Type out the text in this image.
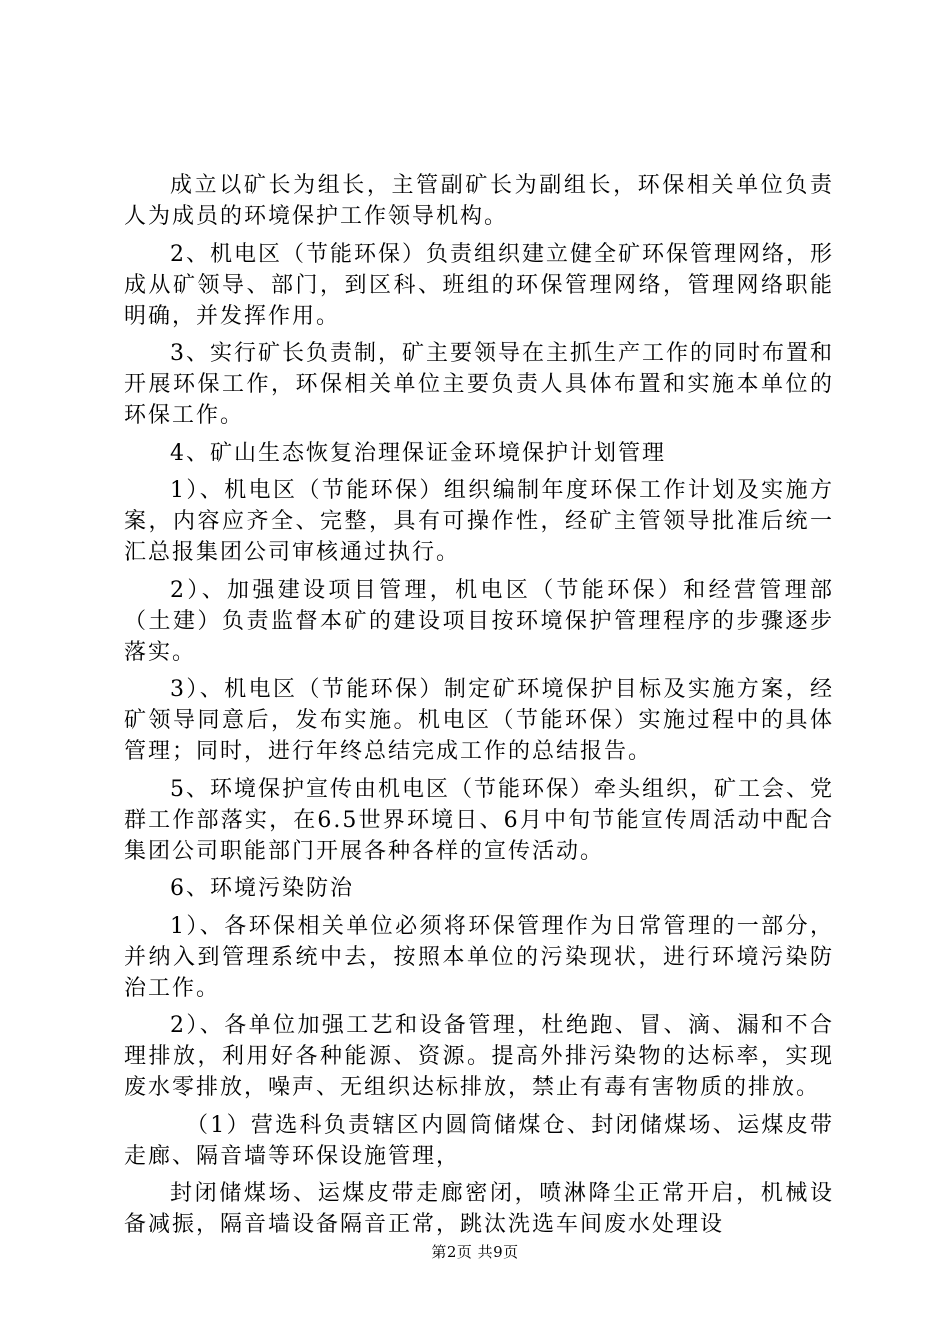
成立以矿长为组长，主管副矿长为副组长，环保相关单位负责人为成员的环境保护工作领导机构。

2、机电区（节能环保）负责组织建立健全矿环保管理网络，形成从矿领导、部门，到区科、班组的环保管理网络，管理网络职能明确，并发挥作用。

3、实行矿长负责制，矿主要领导在主抓生产工作的同时布置和开展环保工作，环保相关单位主要负责人具体布置和实施本单位的环保工作。

4、矿山生态恢复治理保证金环境保护计划管理

1）、机电区（节能环保）组织编制年度环保工作计划及实施方案，内容应齐全、完整，具有可操作性，经矿主管领导批准后统一汇总报集团公司审核通过执行。

2）、加强建设项目管理，机电区（节能环保）和经营管理部（土建）负责监督本矿的建设项目按环境保护管理程序的步骤逐步落实。

3）、机电区（节能环保）制定矿环境保护目标及实施方案，经矿领导同意后，发布实施。机电区（节能环保）实施过程中的具体管理；同时，进行年终总结完成工作的总结报告。

5、环境保护宣传由机电区（节能环保）牵头组织，矿工会、党群工作部落实，在6.5世界环境日、6月中旬节能宣传周活动中配合集团公司职能部门开展各种各样的宣传活动。

6、环境污染防治

1）、各环保相关单位必须将环保管理作为日常管理的一部分，并纳入到管理系统中去，按照本单位的污染现状，进行环境污染防治工作。

2）、各单位加强工艺和设备管理，杜绝跑、冒、滴、漏和不合理排放，利用好各种能源、资源。提高外排污染物的达标率，实现废水零排放，噪声、无组织达标排放，禁止有毒有害物质的排放。

（1）营选科负责辖区内圆筒储煤仓、封闭储煤场、运煤皮带走廊、隔音墙等环保设施管理，

封闭储煤场、运煤皮带走廊密闭，喷淋降尘正常开启，机械设备减振，隔音墙设备隔音正常，跳汰洗选车间废水处理设

第2页 共9页
